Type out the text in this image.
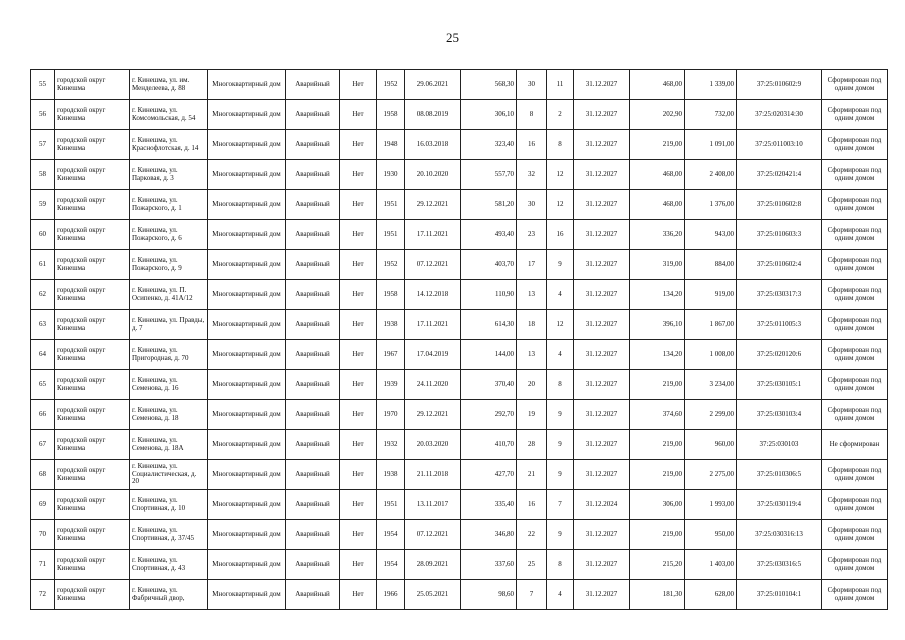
25
55	городской округ Кинешма	г. Кинешма, ул. им. Менделеева, д. 88	Многоквартирный дом	Аварийный	Нет	1952	29.06.2021	568,30	30	11	31.12.2027	468,00	1 339,00	37:25:010602:9	Сформирован под одним домом
56	городской округ Кинешма	г. Кинешма, ул. Комсомольская, д. 54	Многоквартирный дом	Аварийный	Нет	1958	08.08.2019	306,10	8	2	31.12.2027	202,90	732,00	37:25:020314:30	Сформирован под одним домом
57	городской округ Кинешма	г. Кинешма, ул. Краснофлотская, д. 14	Многоквартирный дом	Аварийный	Нет	1948	16.03.2018	323,40	16	8	31.12.2027	219,00	1 091,00	37:25:011003:10	Сформирован под одним домом
58	городской округ Кинешма	г. Кинешма, ул. Парковая, д. 3	Многоквартирный дом	Аварийный	Нет	1930	20.10.2020	557,70	32	12	31.12.2027	468,00	2 408,00	37:25:020421:4	Сформирован под одним домом
59	городской округ Кинешма	г. Кинешма, ул. Пожарского, д. 1	Многоквартирный дом	Аварийный	Нет	1951	29.12.2021	581,20	30	12	31.12.2027	468,00	1 376,00	37:25:010602:8	Сформирован под одним домом
60	городской округ Кинешма	г. Кинешма, ул. Пожарского, д. 6	Многоквартирный дом	Аварийный	Нет	1951	17.11.2021	493,40	23	16	31.12.2027	336,20	943,00	37:25:010603:3	Сформирован под одним домом
61	городской округ Кинешма	г. Кинешма, ул. Пожарского, д. 9	Многоквартирный дом	Аварийный	Нет	1952	07.12.2021	403,70	17	9	31.12.2027	319,00	884,00	37:25:010602:4	Сформирован под одним домом
62	городской округ Кинешма	г. Кинешма, ул. П. Осипенко, д. 41А/12	Многоквартирный дом	Аварийный	Нет	1958	14.12.2018	110,90	13	4	31.12.2027	134,20	919,00	37:25:030317:3	Сформирован под одним домом
63	городской округ Кинешма	г. Кинешма, ул. Правды, д. 7	Многоквартирный дом	Аварийный	Нет	1938	17.11.2021	614,30	18	12	31.12.2027	396,10	1 867,00	37:25:011005:3	Сформирован под одним домом
64	городской округ Кинешма	г. Кинешма, ул. Пригородная, д. 70	Многоквартирный дом	Аварийный	Нет	1967	17.04.2019	144,00	13	4	31.12.2027	134,20	1 008,00	37:25:020120:6	Сформирован под одним домом
65	городской округ Кинешма	г. Кинешма, ул. Семенова, д. 16	Многоквартирный дом	Аварийный	Нет	1939	24.11.2020	370,40	20	8	31.12.2027	219,00	3 234,00	37:25:030105:1	Сформирован под одним домом
66	городской округ Кинешма	г. Кинешма, ул. Семенова, д. 18	Многоквартирный дом	Аварийный	Нет	1970	29.12.2021	292,70	19	9	31.12.2027	374,60	2 299,00	37:25:030103:4	Сформирован под одним домом
67	городской округ Кинешма	г. Кинешма, ул. Семенова, д. 18А	Многоквартирный дом	Аварийный	Нет	1932	20.03.2020	410,70	28	9	31.12.2027	219,00	960,00	37:25:030103	Не сформирован
68	городской округ Кинешма	г. Кинешма, ул. Социалистическая, д. 20	Многоквартирный дом	Аварийный	Нет	1938	21.11.2018	427,70	21	9	31.12.2027	219,00	2 275,00	37:25:010306:5	Сформирован под одним домом
69	городской округ Кинешма	г. Кинешма, ул. Спортивная, д. 10	Многоквартирный дом	Аварийный	Нет	1951	13.11.2017	335,40	16	7	31.12.2024	306,00	1 993,00	37:25:030119:4	Сформирован под одним домом
70	городской округ Кинешма	г. Кинешма, ул. Спортивная, д. 37/45	Многоквартирный дом	Аварийный	Нет	1954	07.12.2021	346,80	22	9	31.12.2027	219,00	950,00	37:25:030316:13	Сформирован под одним домом
71	городской округ Кинешма	г. Кинешма, ул. Спортивная, д. 43	Многоквартирный дом	Аварийный	Нет	1954	28.09.2021	337,60	25	8	31.12.2027	215,20	1 403,00	37:25:030316:5	Сформирован под одним домом
72	городской округ Кинешма	г. Кинешма, ул. Фабричный двор,	Многоквартирный дом	Аварийный	Нет	1966	25.05.2021	98,60	7	4	31.12.2027	181,30	628,00	37:25:010104:1	Сформирован под одним домом
